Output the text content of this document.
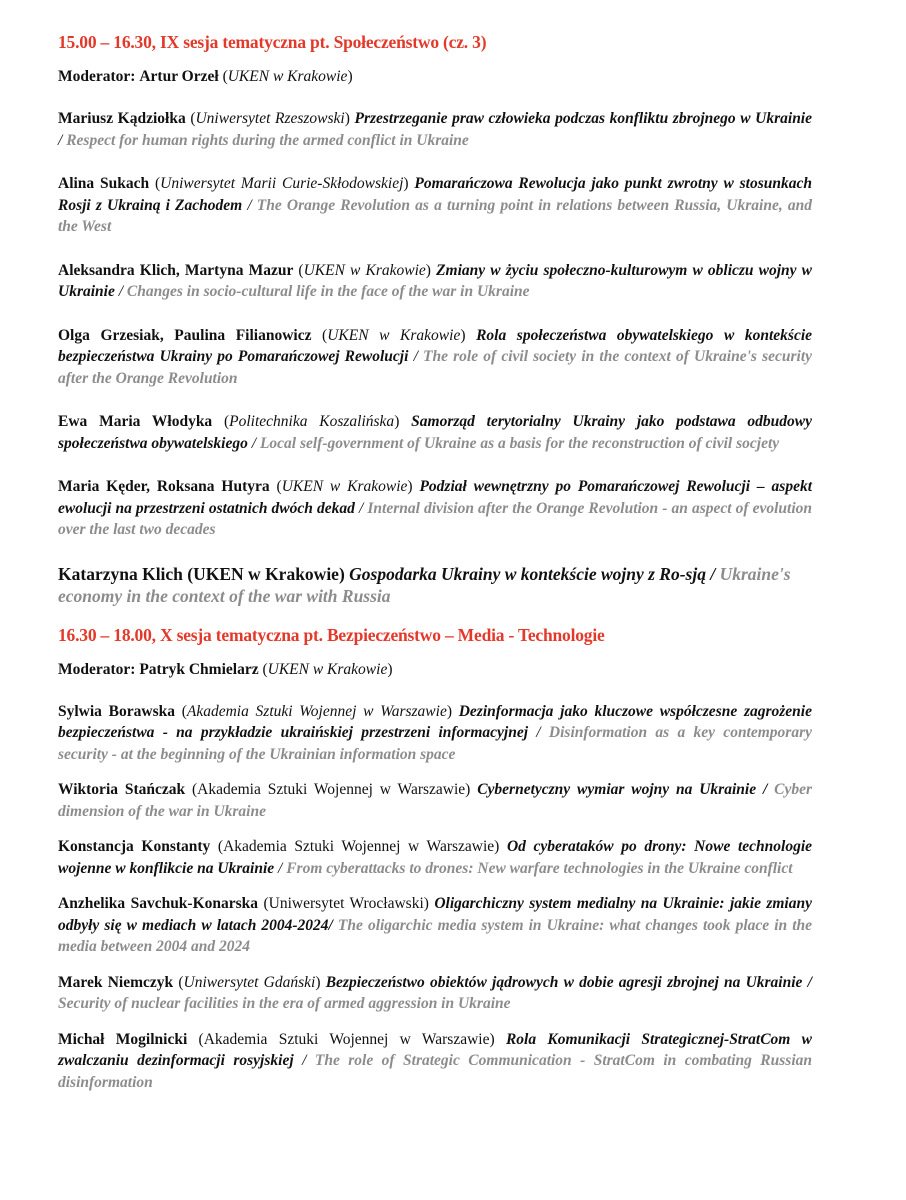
15.00 – 16.30, IX sesja tematyczna pt. Społeczeństwo (cz. 3)

Moderator: Artur Orzeł (UKEN w Krakowie)

Mariusz Kądziołka (Uniwersytet Rzeszowski) Przestrzeganie praw człowieka podczas konfliktu zbrojnego w Ukrainie / Respect for human rights during the armed conflict in Ukraine

Alina Sukach (Uniwersytet Marii Curie-Skłodowskiej) Pomarańczowa Rewolucja jako punkt zwrotny w stosunkach Rosji z Ukrainą i Zachodem / The Orange Revolution as a turning point in relations between Russia, Ukraine, and the West

Aleksandra Klich, Martyna Mazur (UKEN w Krakowie) Zmiany w życiu społeczno-kulturowym w obliczu wojny w Ukrainie / Changes in socio-cultural life in the face of the war in Ukraine

Olga Grzesiak, Paulina Filianowicz (UKEN w Krakowie) Rola społeczeństwa obywatelskiego w kontekście bezpieczeństwa Ukrainy po Pomarańczowej Rewolucji / The role of civil society in the context of Ukraine's security after the Orange Revolution

Ewa Maria Włodyka (Politechnika Koszalińska) Samorząd terytorialny Ukrainy jako podstawa odbudowy społeczeństwa obywatelskiego / Local self-government of Ukraine as a basis for the reconstruction of civil socjety

Maria Kęder, Roksana Hutyra (UKEN w Krakowie) Podział wewnętrzny po Pomarańczowej Rewolucji – aspekt ewolucji na przestrzeni ostatnich dwóch dekad / Internal division after the Orange Revolution - an aspect of evolution over the last two decades

Katarzyna Klich (UKEN w Krakowie) Gospodarka Ukrainy w kontekście wojny z Ro-sją / Ukraine's economy in the context of the war with Russia

16.30 – 18.00, X sesja tematyczna pt. Bezpieczeństwo – Media - Technologie

Moderator: Patryk Chmielarz (UKEN w Krakowie)

Sylwia Borawska (Akademia Sztuki Wojennej w Warszawie) Dezinformacja jako kluczowe współczesne zagrożenie bezpieczeństwa - na przykładzie ukraińskiej przestrzeni informacyjnej / Disinformation as a key contemporary security - at the beginning of the Ukrainian information space

Wiktoria Stańczak (Akademia Sztuki Wojennej w Warszawie) Cybernetyczny wymiar wojny na Ukrainie / Cyber dimension of the war in Ukraine

Konstancja Konstanty (Akademia Sztuki Wojennej w Warszawie) Od cyberataków po drony: Nowe technologie wojenne w konflikcie na Ukrainie / From cyberattacks to drones: New warfare technologies in the Ukraine conflict

Anzhelika Savchuk-Konarska (Uniwersytet Wrocławski) Oligarchiczny system medialny na Ukrainie: jakie zmiany odbyły się w mediach w latach 2004-2024/ The oligarchic media system in Ukraine: what changes took place in the media between 2004 and 2024

Marek Niemczyk (Uniwersytet Gdański) Bezpieczeństwo obiektów jądrowych w dobie agresji zbrojnej na Ukrainie / Security of nuclear facilities in the era of armed aggression in Ukraine

Michał Mogilnicki (Akademia Sztuki Wojennej w Warszawie) Rola Komunikacji Strategicznej-StratCom w zwalczaniu dezinformacji rosyjskiej / The role of Strategic Communication - StratCom in combating Russian disinformation
